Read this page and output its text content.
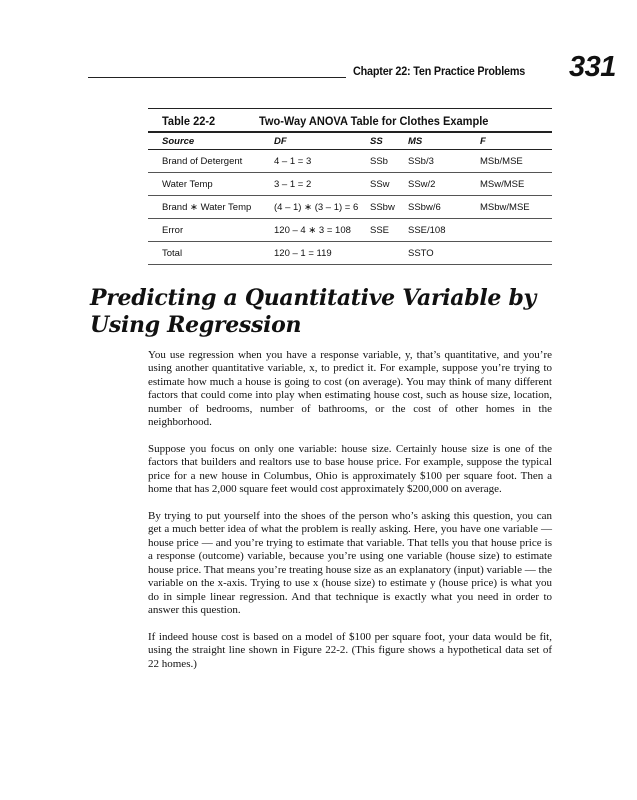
Chapter 22: Ten Practice Problems 331
Table 22-2	Two-Way ANOVA Table for Clothes Example
Source	DF	SS	MS	F
Brand of Detergent	4 – 1 = 3	SSb	SSb/3	MSb/MSE
Water Temp	3 – 1 = 2	SSw	SSw/2	MSw/MSE
Brand ∗ Water Temp	(4 – 1) ∗ (3 – 1) = 6	SSbw	SSbw/6	MSbw/MSE
Error	120 – 4 ∗ 3 = 108	SSE	SSE/108	
Total	120 – 1 = 119		SSTO	
Predicting a Quantitative Variable by Using Regression

You use regression when you have a response variable, y, that’s quantitative, and you’re using another quantitative variable, x, to predict it. For example, suppose you’re trying to estimate how much a house is going to cost (on average). You may think of many different factors that could come into play when estimating house cost, such as house size, location, number of bedrooms, number of bathrooms, or the cost of other homes in the neighborhood.

Suppose you focus on only one variable: house size. Certainly house size is one of the factors that builders and realtors use to base house price. For example, suppose the typical price for a new house in Columbus, Ohio is approximately $100 per square foot. Then a home that has 2,000 square feet would cost approximately $200,000 on average.

By trying to put yourself into the shoes of the person who’s asking this question, you can get a much better idea of what the problem is really asking. Here, you have one variable — house price — and you’re trying to estimate that variable. That tells you that house price is a response (outcome) variable, because you’re using one variable (house size) to estimate house price. That means you’re treating house size as an explanatory (input) variable — the variable on the x-axis. Trying to use x (house size) to estimate y (house price) is what you do in simple linear regression. And that technique is exactly what you need in order to answer this question.

If indeed house cost is based on a model of $100 per square foot, your data would be fit, using the straight line shown in Figure 22-2. (This figure shows a hypothetical data set of 22 homes.)
